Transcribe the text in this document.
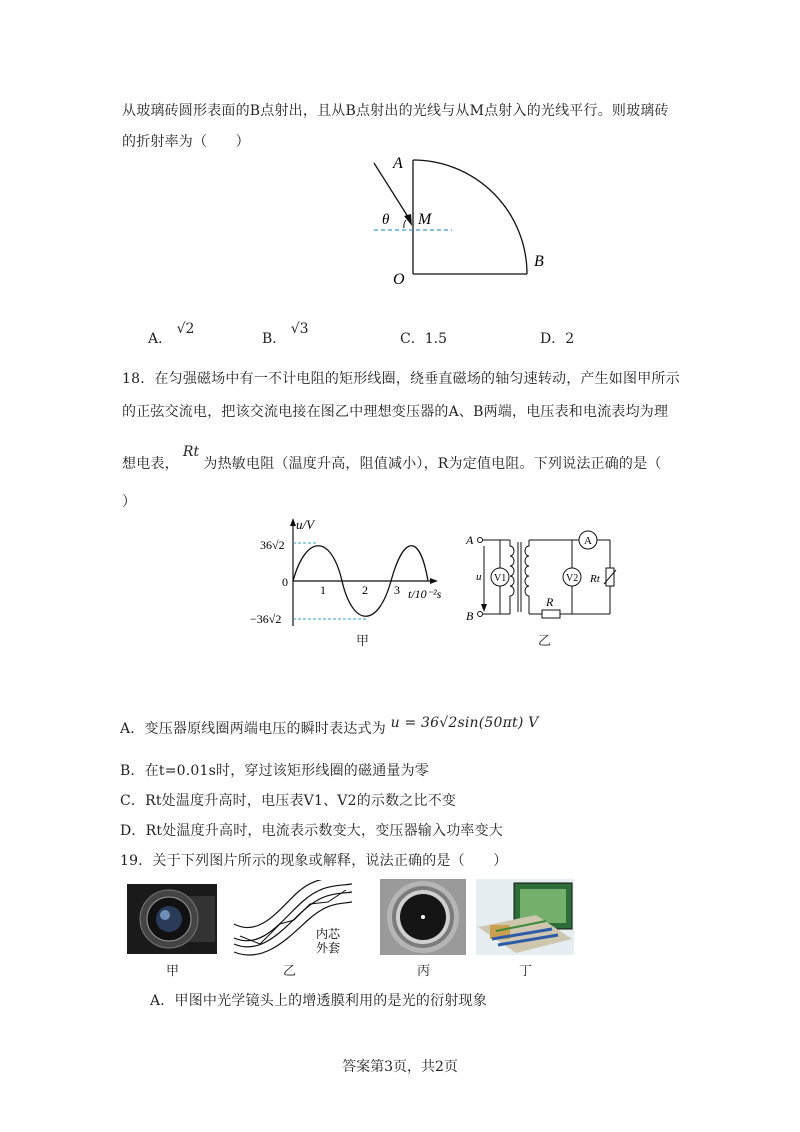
从玻璃砖圆形表面的B点射出，且从B点射出的光线与从M点射入的光线平行。则玻璃砖
的折射率为（　　）
A
M
θ
O
B
A． √2
B． √3
C．1.5	D．2
18．在匀强磁场中有一不计电阻的矩形线圈，绕垂直磁场的轴匀速转动，产生如图甲所示
的正弦交流电，把该交流电接在图乙中理想变压器的A、B两端，电压表和电流表均为理
想电表，Rt为热敏电阻（温度升高，阻值减小），R为定值电阻。下列说法正确的是（
）
u/V
36√2
−36√2
0
1	2 3 t/10⁻²s
甲
A
B
u V1	V2
A
Rt
R
乙
A．变压器原线圈两端电压的瞬时表达式为 u = 36√2sin(50πt) V
B．在t=0.01s时，穿过该矩形线圈的磁通量为零
C．Rt处温度升高时，电压表V1、V2的示数之比不变
D．Rt处温度升高时，电流表示数变大，变压器输入功率变大
19．关于下列图片所示的现象或解释，说法正确的是（　　）
甲
内芯
外套
乙	丙	丁
A．甲图中光学镜头上的增透膜利用的是光的衍射现象
答案第3页，共2页
